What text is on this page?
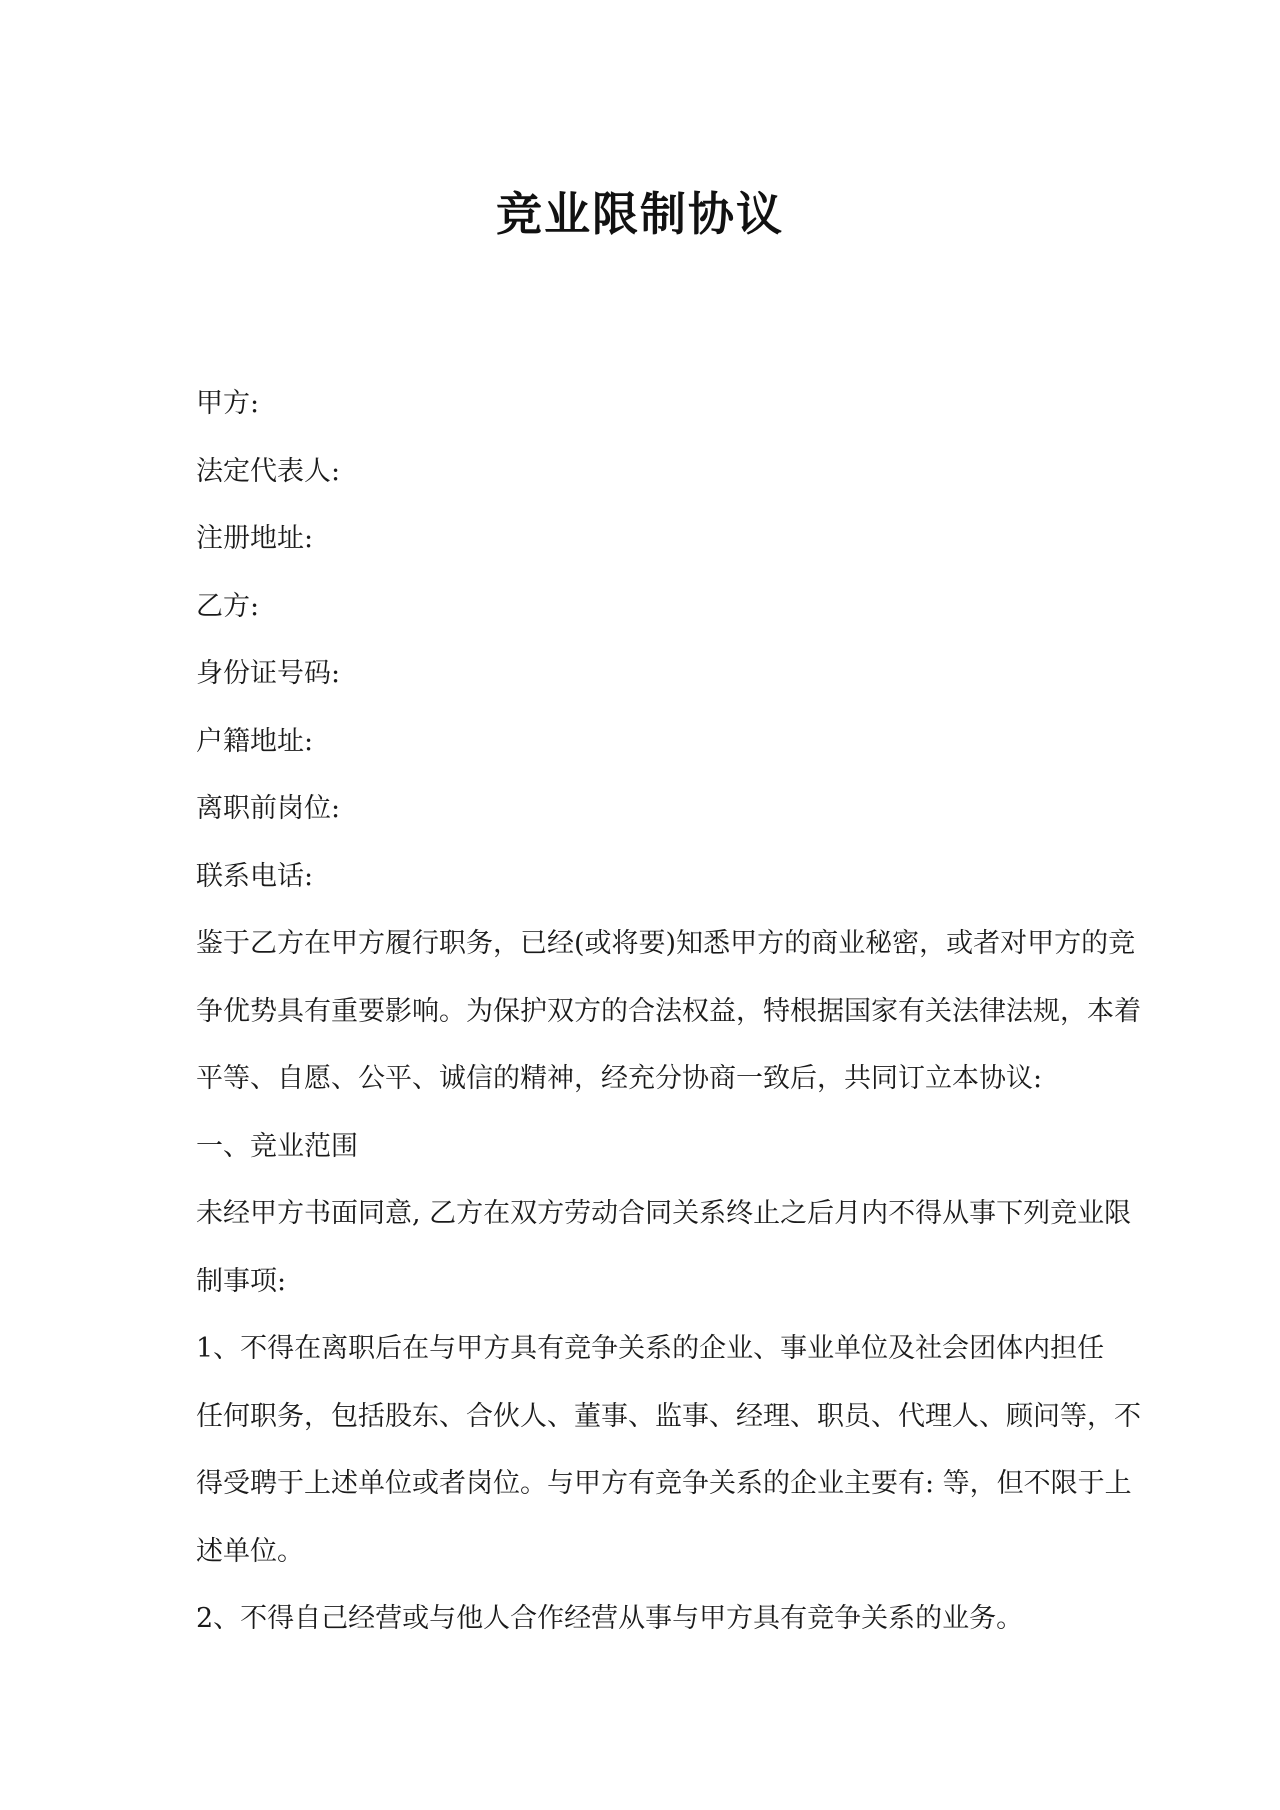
竞业限制协议

甲方:

法定代表人:

注册地址:

乙方:

身份证号码:

户籍地址:

离职前岗位:

联系电话:

鉴于乙方在甲方履行职务，已经(或将要)知悉甲方的商业秘密，或者对甲方的竞

争优势具有重要影响。为保护双方的合法权益，特根据国家有关法律法规，本着

平等、自愿、公平、诚信的精神，经充分协商一致后，共同订立本协议:

一、竞业范围

未经甲方书面同意, 乙方在双方劳动合同关系终止之后月内不得从事下列竞业限

制事项:

1、不得在离职后在与甲方具有竞争关系的企业、事业单位及社会团体内担任

任何职务，包括股东、合伙人、董事、监事、经理、职员、代理人、顾问等，不

得受聘于上述单位或者岗位。与甲方有竞争关系的企业主要有: 等，但不限于上

述单位。

2、不得自己经营或与他人合作经营从事与甲方具有竞争关系的业务。
